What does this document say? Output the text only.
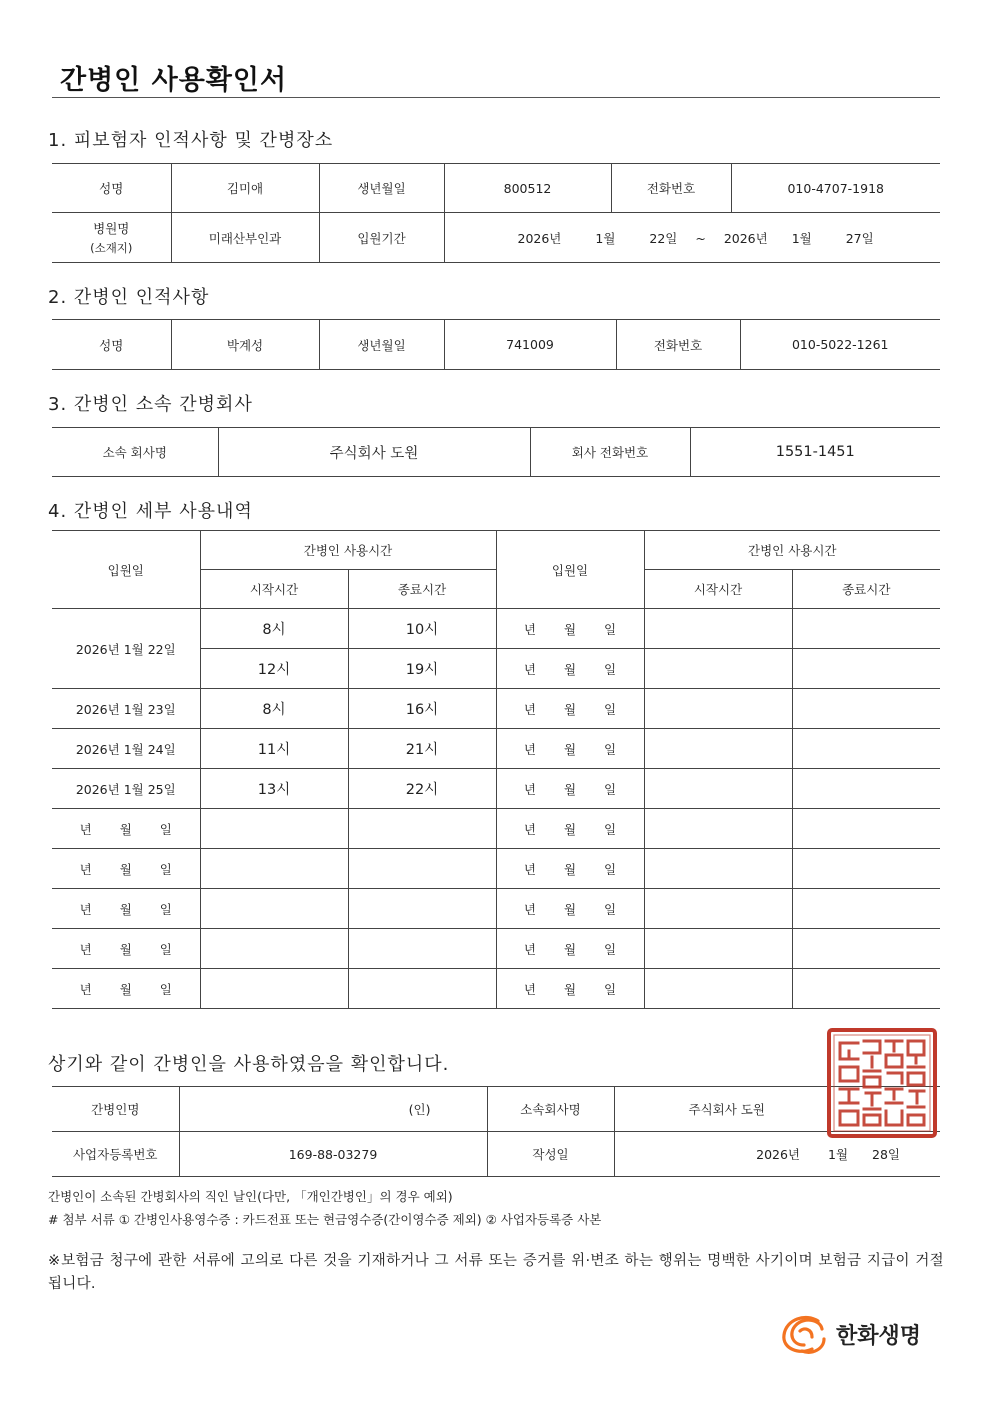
간병인 사용확인서
1. 피보험자 인적사항 및 간병장소
성명	김미애	생년월일	800512	전화번호	010-4707-1918

병원명
(소재지)	미래산부인과	입원기간	2026년 1월 22일 ~ 2026년 1월 27일		
2. 간병인 인적사항
성명	박계성	생년월일	741009	전화번호	010-5022-1261
3. 간병인 소속 간병회사
소속 회사명	주식회사 도원	회사 전화번호	1551-1451
4. 간병인 세부 사용내역
입원일	간병인 사용시간		입원일	간병인 사용시간	
	시작시간	종료시간		시작시간	종료시간
2026년 1월 22일	8시	10시	년 월 일		
	12시	19시	년 월 일		
2026년 1월 23일	8시	16시	년 월 일		
2026년 1월 24일	11시	21시	년 월 일		
2026년 1월 25일	13시	22시	년 월 일		
년 월 일			년 월 일		
년 월 일			년 월 일		
년 월 일			년 월 일		
년 월 일			년 월 일		
년 월 일			년 월 일		
상기와 같이 간병인을 사용하였음을 확인합니다.
간병인명	(인)	소속회사명	주식회사 도원
사업자등록번호	169-88-03279	작성일	2026년 1월 28일
간병인이 소속된 간병회사의 직인 날인(다만, 「개인간병인」의 경우 예외)
# 첨부 서류 ① 간병인사용영수증 : 카드전표 또는 현금영수증(간이영수증 제외) ② 사업자등록증 사본
※보험금 청구에 관한 서류에 고의로 다른 것을 기재하거나 그 서류 또는 증거를 위·변조 하는 행위는 명백한 사기이며 보험금 지급이 거절됩니다.
한화생명
